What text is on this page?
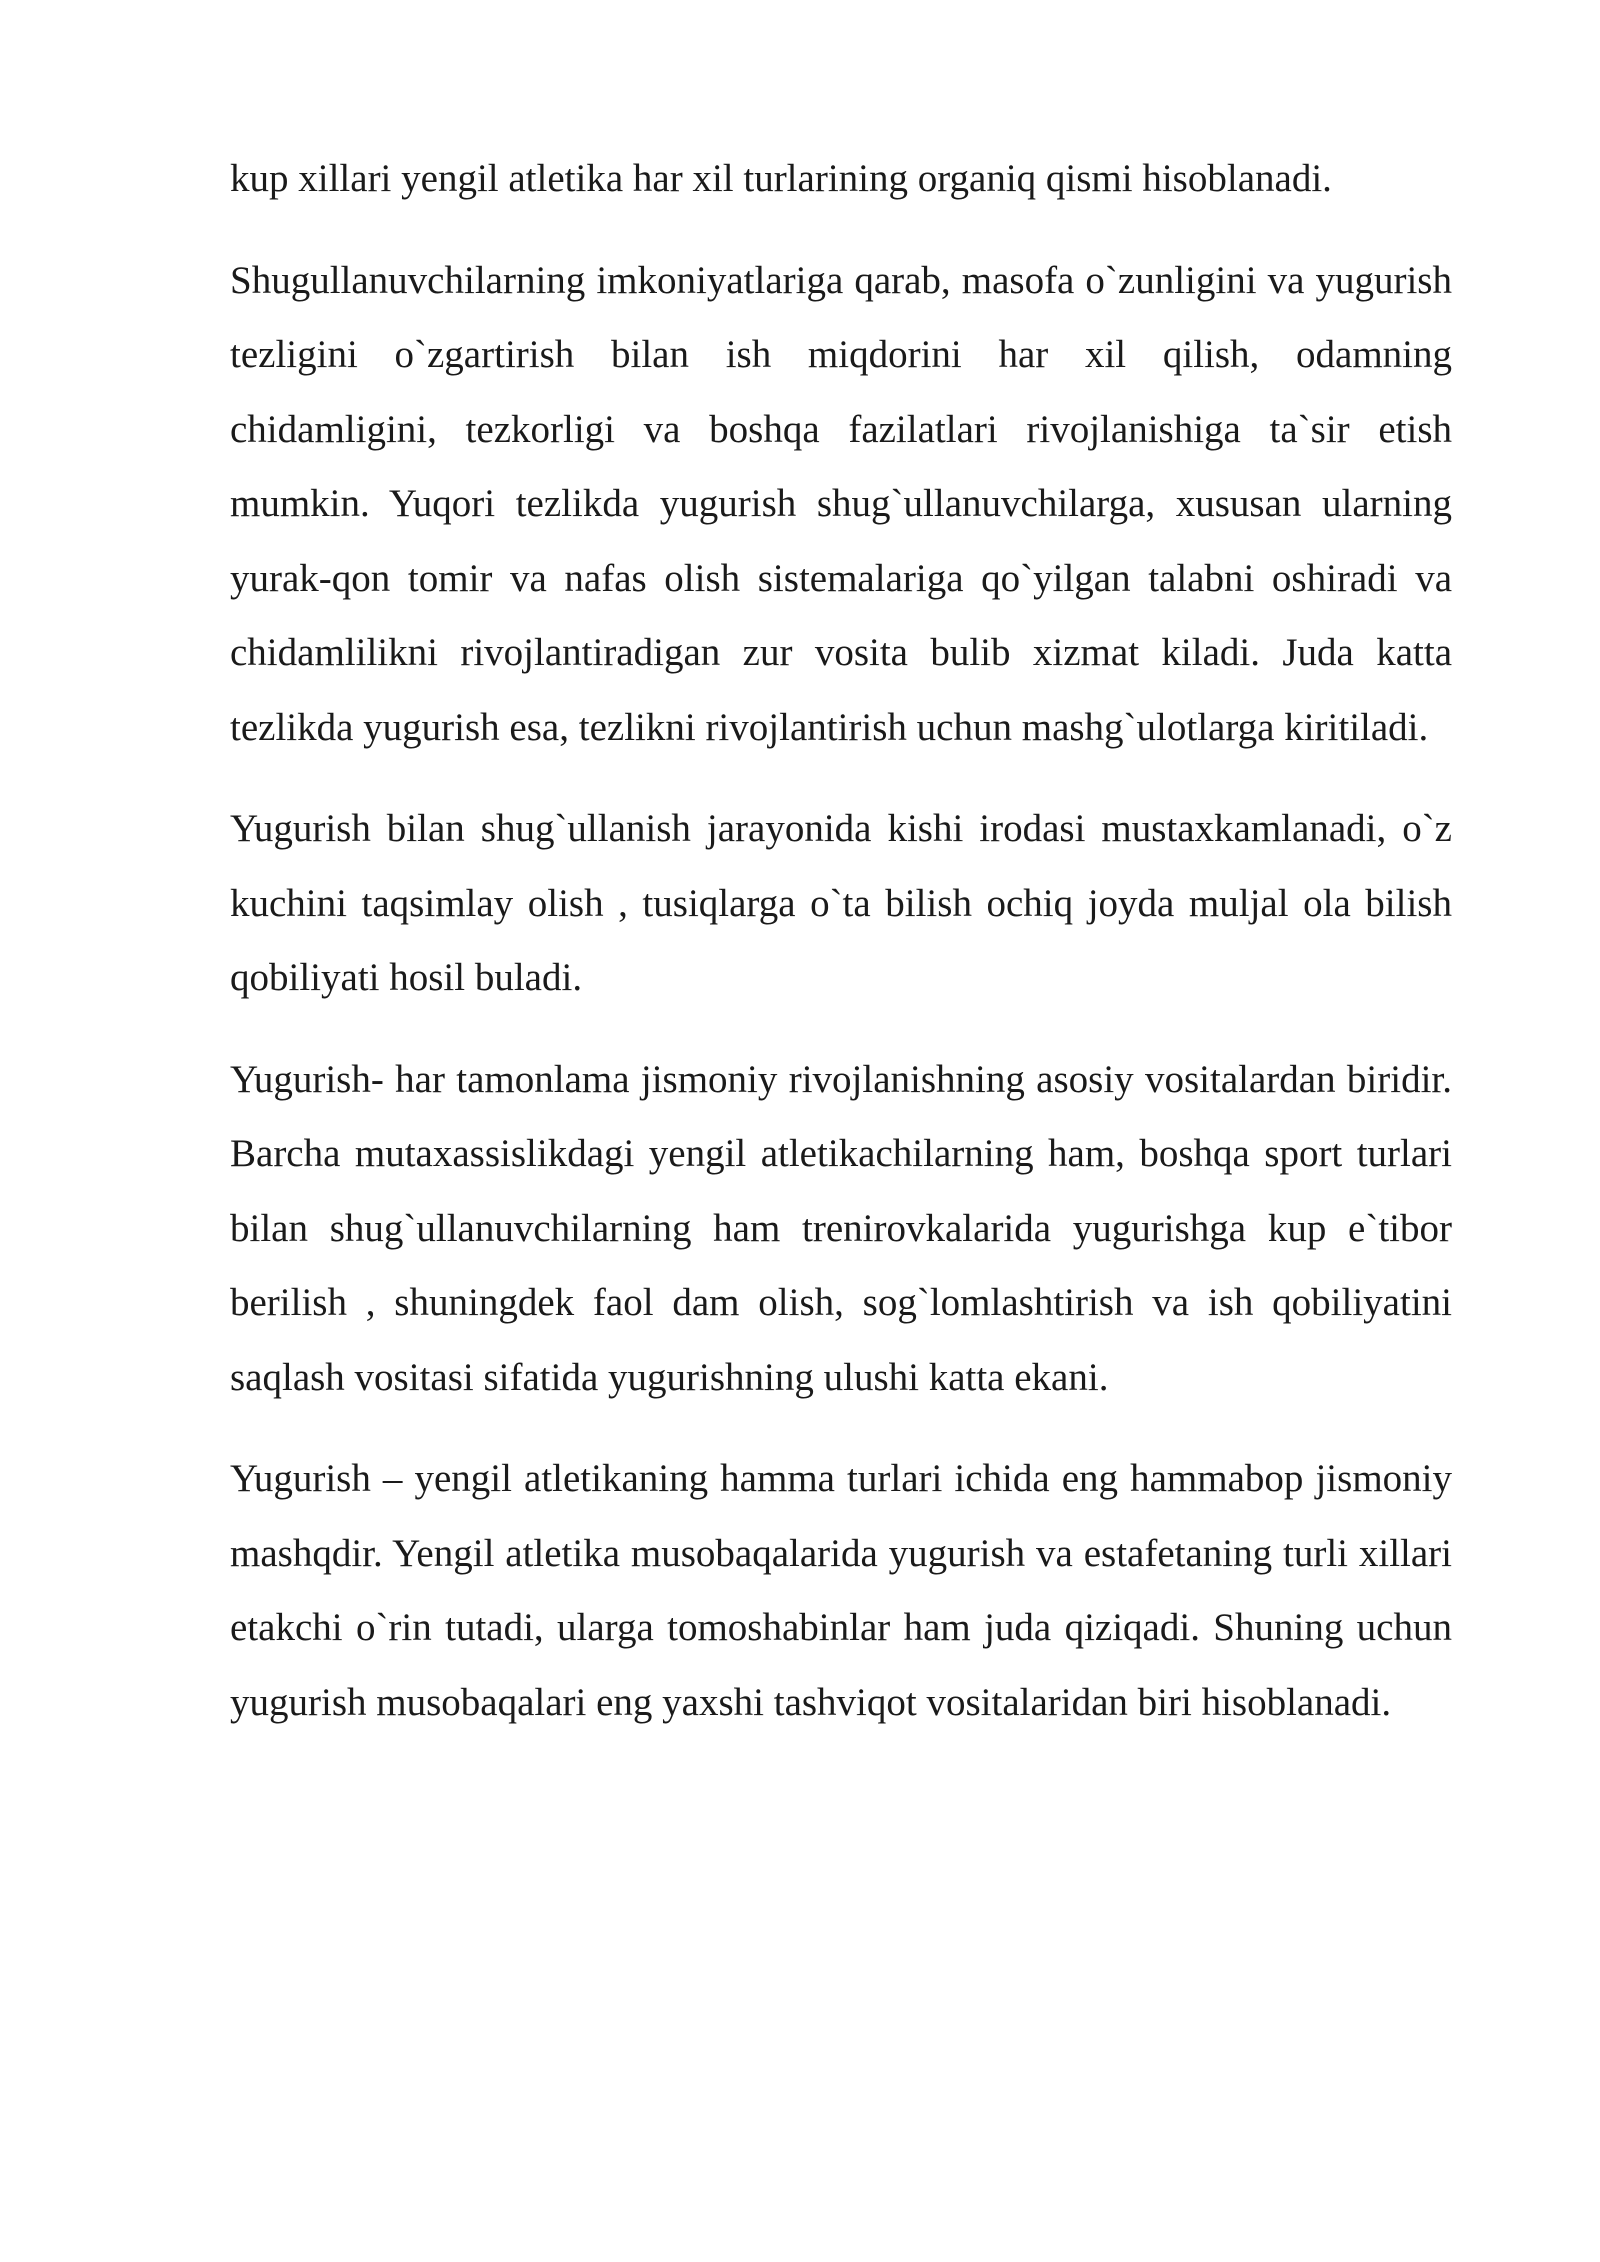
kup xillari yengil atletika har xil turlarining organiq qismi hisoblanadi.

Shugullanuvchilarning imkoniyatlariga qarab, masofa o`zunligini va yugurish tezligini o`zgartirish bilan ish miqdorini har xil qilish, odamning chidamligini, tezkorligi va boshqa fazilatlari rivojlanishiga ta`sir etish mumkin. Yuqori tezlikda yugurish shug`ullanuvchilarga, xususan ularning yurak-qon tomir va nafas olish sistemalariga qo`yilgan talabni oshiradi va chidamlilikni rivojlantiradigan zur vosita bulib xizmat kiladi. Juda katta tezlikda yugurish esa, tezlikni rivojlantirish uchun mashg`ulotlarga kiritiladi.

Yugurish bilan shug`ullanish jarayonida kishi irodasi mustaxkamlanadi, o`z kuchini taqsimlay olish , tusiqlarga o`ta bilish ochiq joyda muljal ola bilish qobiliyati hosil buladi.

Yugurish- har tamonlama jismoniy rivojlanishning asosiy vositalardan biridir. Barcha mutaxassislikdagi yengil atletikachilarning ham, boshqa sport turlari bilan shug`ullanuvchilarning ham trenirovkalarida yugurishga kup e`tibor berilish , shuningdek faol dam olish, sog`lomlashtirish va ish qobiliyatini saqlash vositasi sifatida yugurishning ulushi katta ekani.

Yugurish – yengil atletikaning hamma turlari ichida eng hammabop jismoniy mashqdir. Yengil atletika musobaqalarida yugurish va estafetaning turli xillari etakchi o`rin tutadi, ularga tomoshabinlar ham juda qiziqadi. Shuning uchun yugurish musobaqalari eng yaxshi tashviqot vositalaridan biri hisoblanadi.
